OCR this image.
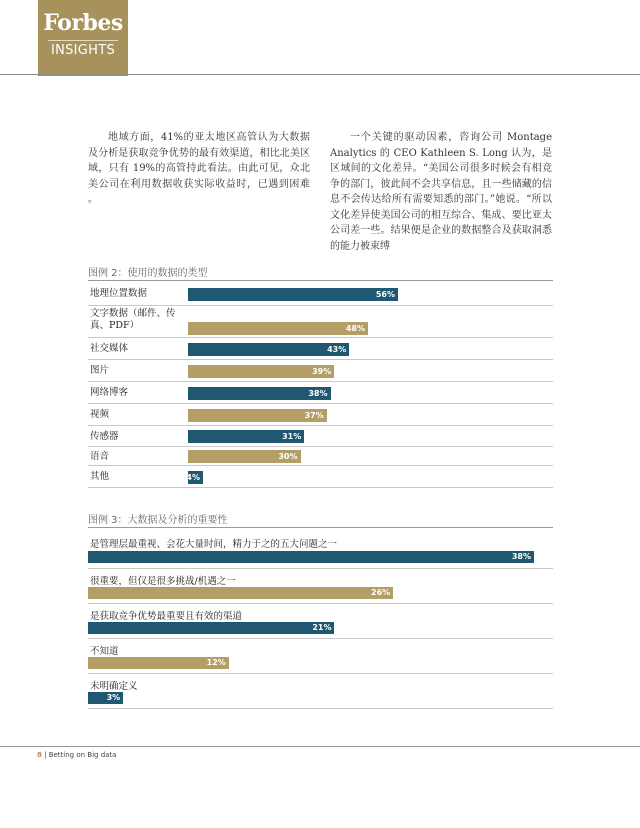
Forbes
INSIGHTS

地域方面，41%的亚太地区高管认为大数据及分析是获取竞争优势的最有效渠道，相比北美区域，只有 19%的高管持此看法。由此可见，众北美公司在利用数据收获实际收益时，已遇到困难 。

一个关键的驱动因素，咨询公司 Montage Analytics 的 CEO Kathleen S. Long 认为，是区域间的文化差异。“美国公司很多时候会有相竞争的部门，彼此间不会共享信息，且一些储藏的信息不会传达给所有需要知悉的部门。”她说。“所以文化差异使美国公司的相互综合、集成、要比亚太公司差一些。结果便是企业的数据整合及获取洞悉的能力被束缚

图例 2：使用的数据的类型
地理位置数据	56%
文字数据（邮件、传
真、PDF）	48%
社交媒体	43%
图片	39%
网络博客	38%
视频	37%
传感器	31%
语音	30%
其他	4%
图例 3：大数据及分析的重要性
是管理层最重视、会花大量时间，精力于之的五大问题之一
38%
很重要，但仅是很多挑战/机遇之一
26%
是获取竞争优势最重要且有效的渠道
21%
不知道
12%
未明确定义
3%
8 | Betting on Big data
